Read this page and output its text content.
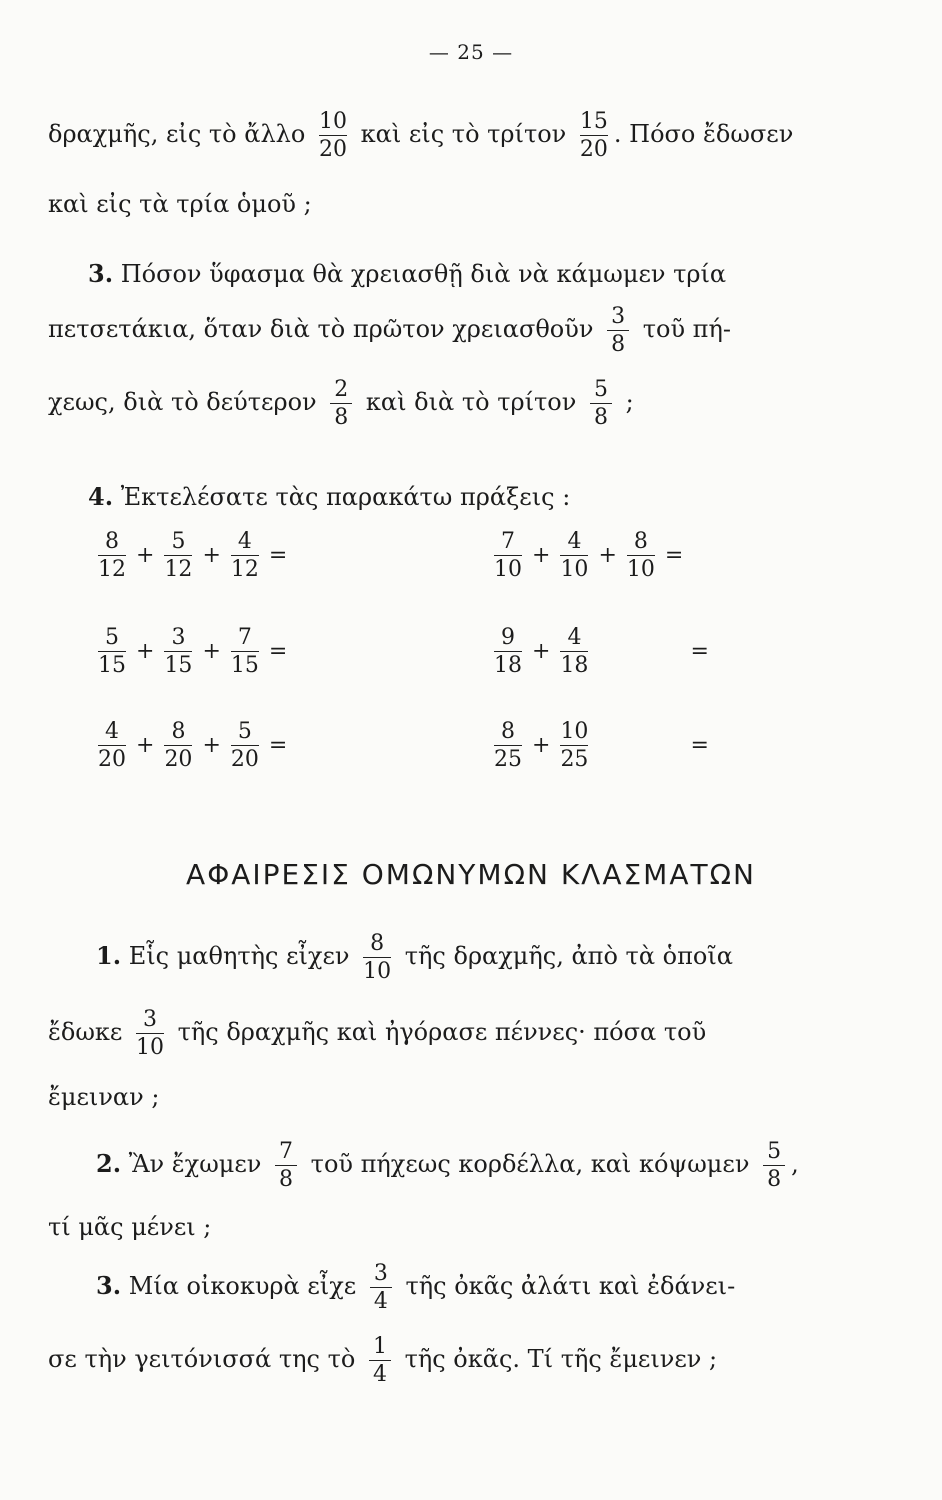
— 25 —
δραχμῆς, εἰς τὸ ἄλλο $\frac{10}{20}$ καὶ εἰς τὸ τρίτον $\frac{15}{20}$ . Πόσο ἔδωσεν
καὶ εἰς τὰ τρία ὁμοῦ ;
3. Πόσον ὕφασμα θὰ χρειασθῇ διὰ νὰ κάμωμεν τρία
πετσετάκια, ὅταν διὰ τὸ πρῶτον χρειασθοῦν $\frac{3}{8}$ τοῦ πή-
χεως, διὰ τὸ δεύτερον $\frac{2}{8}$ καὶ διὰ τὸ τρίτον $\frac{5}{8}$ ;
4. Ἐκτελέσατε τὰς παρακάτω πράξεις :
8
12
+
5
12
+
4
12
=
7
10
+
4
10
+
8
10
=
5
15
+
3
15
+
7
15
=
9
18
+
4
18
=
4
20
+
8
20
+
5
20
=
8
25
+
10
25
=
ΑΦΑΙΡΕΣΙΣ ΟΜΩΝΥΜΩΝ ΚΛΑΣΜΑΤΩΝ
1. Εἷς μαθητὴς εἶχεν $\frac{8}{10}$ τῆς δραχμῆς, ἀπὸ τὰ ὁποῖα
ἔδωκε $\frac{3}{10}$ τῆς δραχμῆς καὶ ἠγόρασε πέννες· πόσα τοῦ
ἔμειναν ;
2. Ἂν ἔχωμεν $\frac{7}{8}$ τοῦ πήχεως κορδέλλα, καὶ κόψωμεν $\frac{5}{8}$ ,
τί μᾶς μένει ;
3. Μία οἰκοκυρὰ εἶχε $\frac{3}{4}$ τῆς ὀκᾶς ἀλάτι καὶ ἐδάνει-
σε τὴν γειτόνισσά της τὸ $\frac{1}{4}$ τῆς ὀκᾶς. Τί τῆς ἔμεινεν ;
